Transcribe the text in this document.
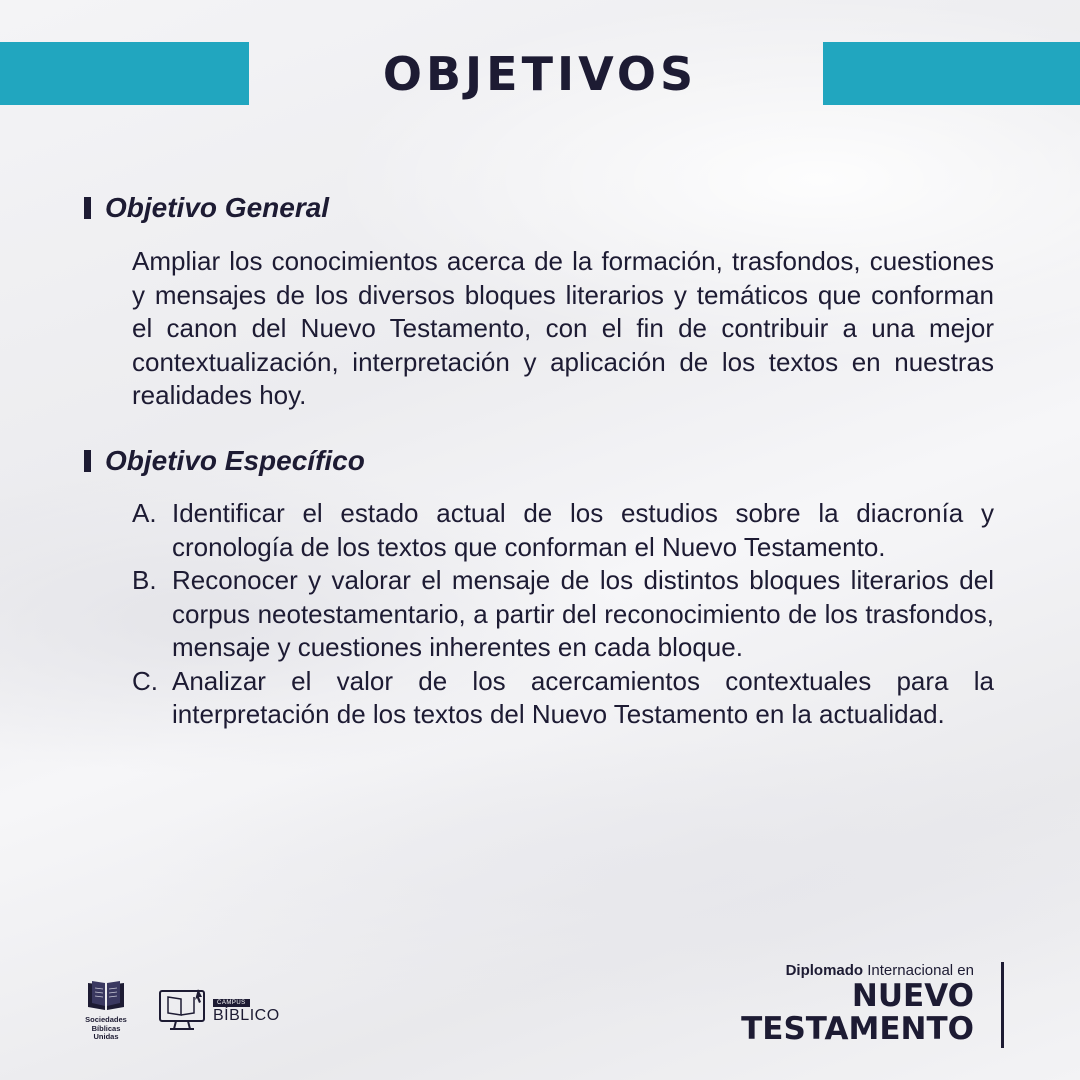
OBJETIVOS
Objetivo General
Ampliar los conocimientos acerca de la formación, trasfondos, cuestiones y mensajes de los diversos bloques literarios y temáticos que conforman el canon del Nuevo Testamento, con el fin de contribuir a una mejor contextualización, interpretación y aplicación de los textos en nuestras realidades hoy.
Objetivo Específico
A. Identificar el estado actual de los estudios sobre la diacronía y cronología de los textos que conforman el Nuevo Testamento.
B. Reconocer y valorar el mensaje de los distintos bloques literarios del corpus neotestamentario, a partir del reconocimiento de los trasfondos, mensaje y cuestiones inherentes en cada bloque.
C. Analizar el valor de los acercamientos contextuales para la interpretación de los textos del Nuevo Testamento en la actualidad.
Sociedades
Bíblicas
Unidas
CAMPUS
BÍBLICO
Diplomado Internacional en
NUEVO
TESTAMENTO
